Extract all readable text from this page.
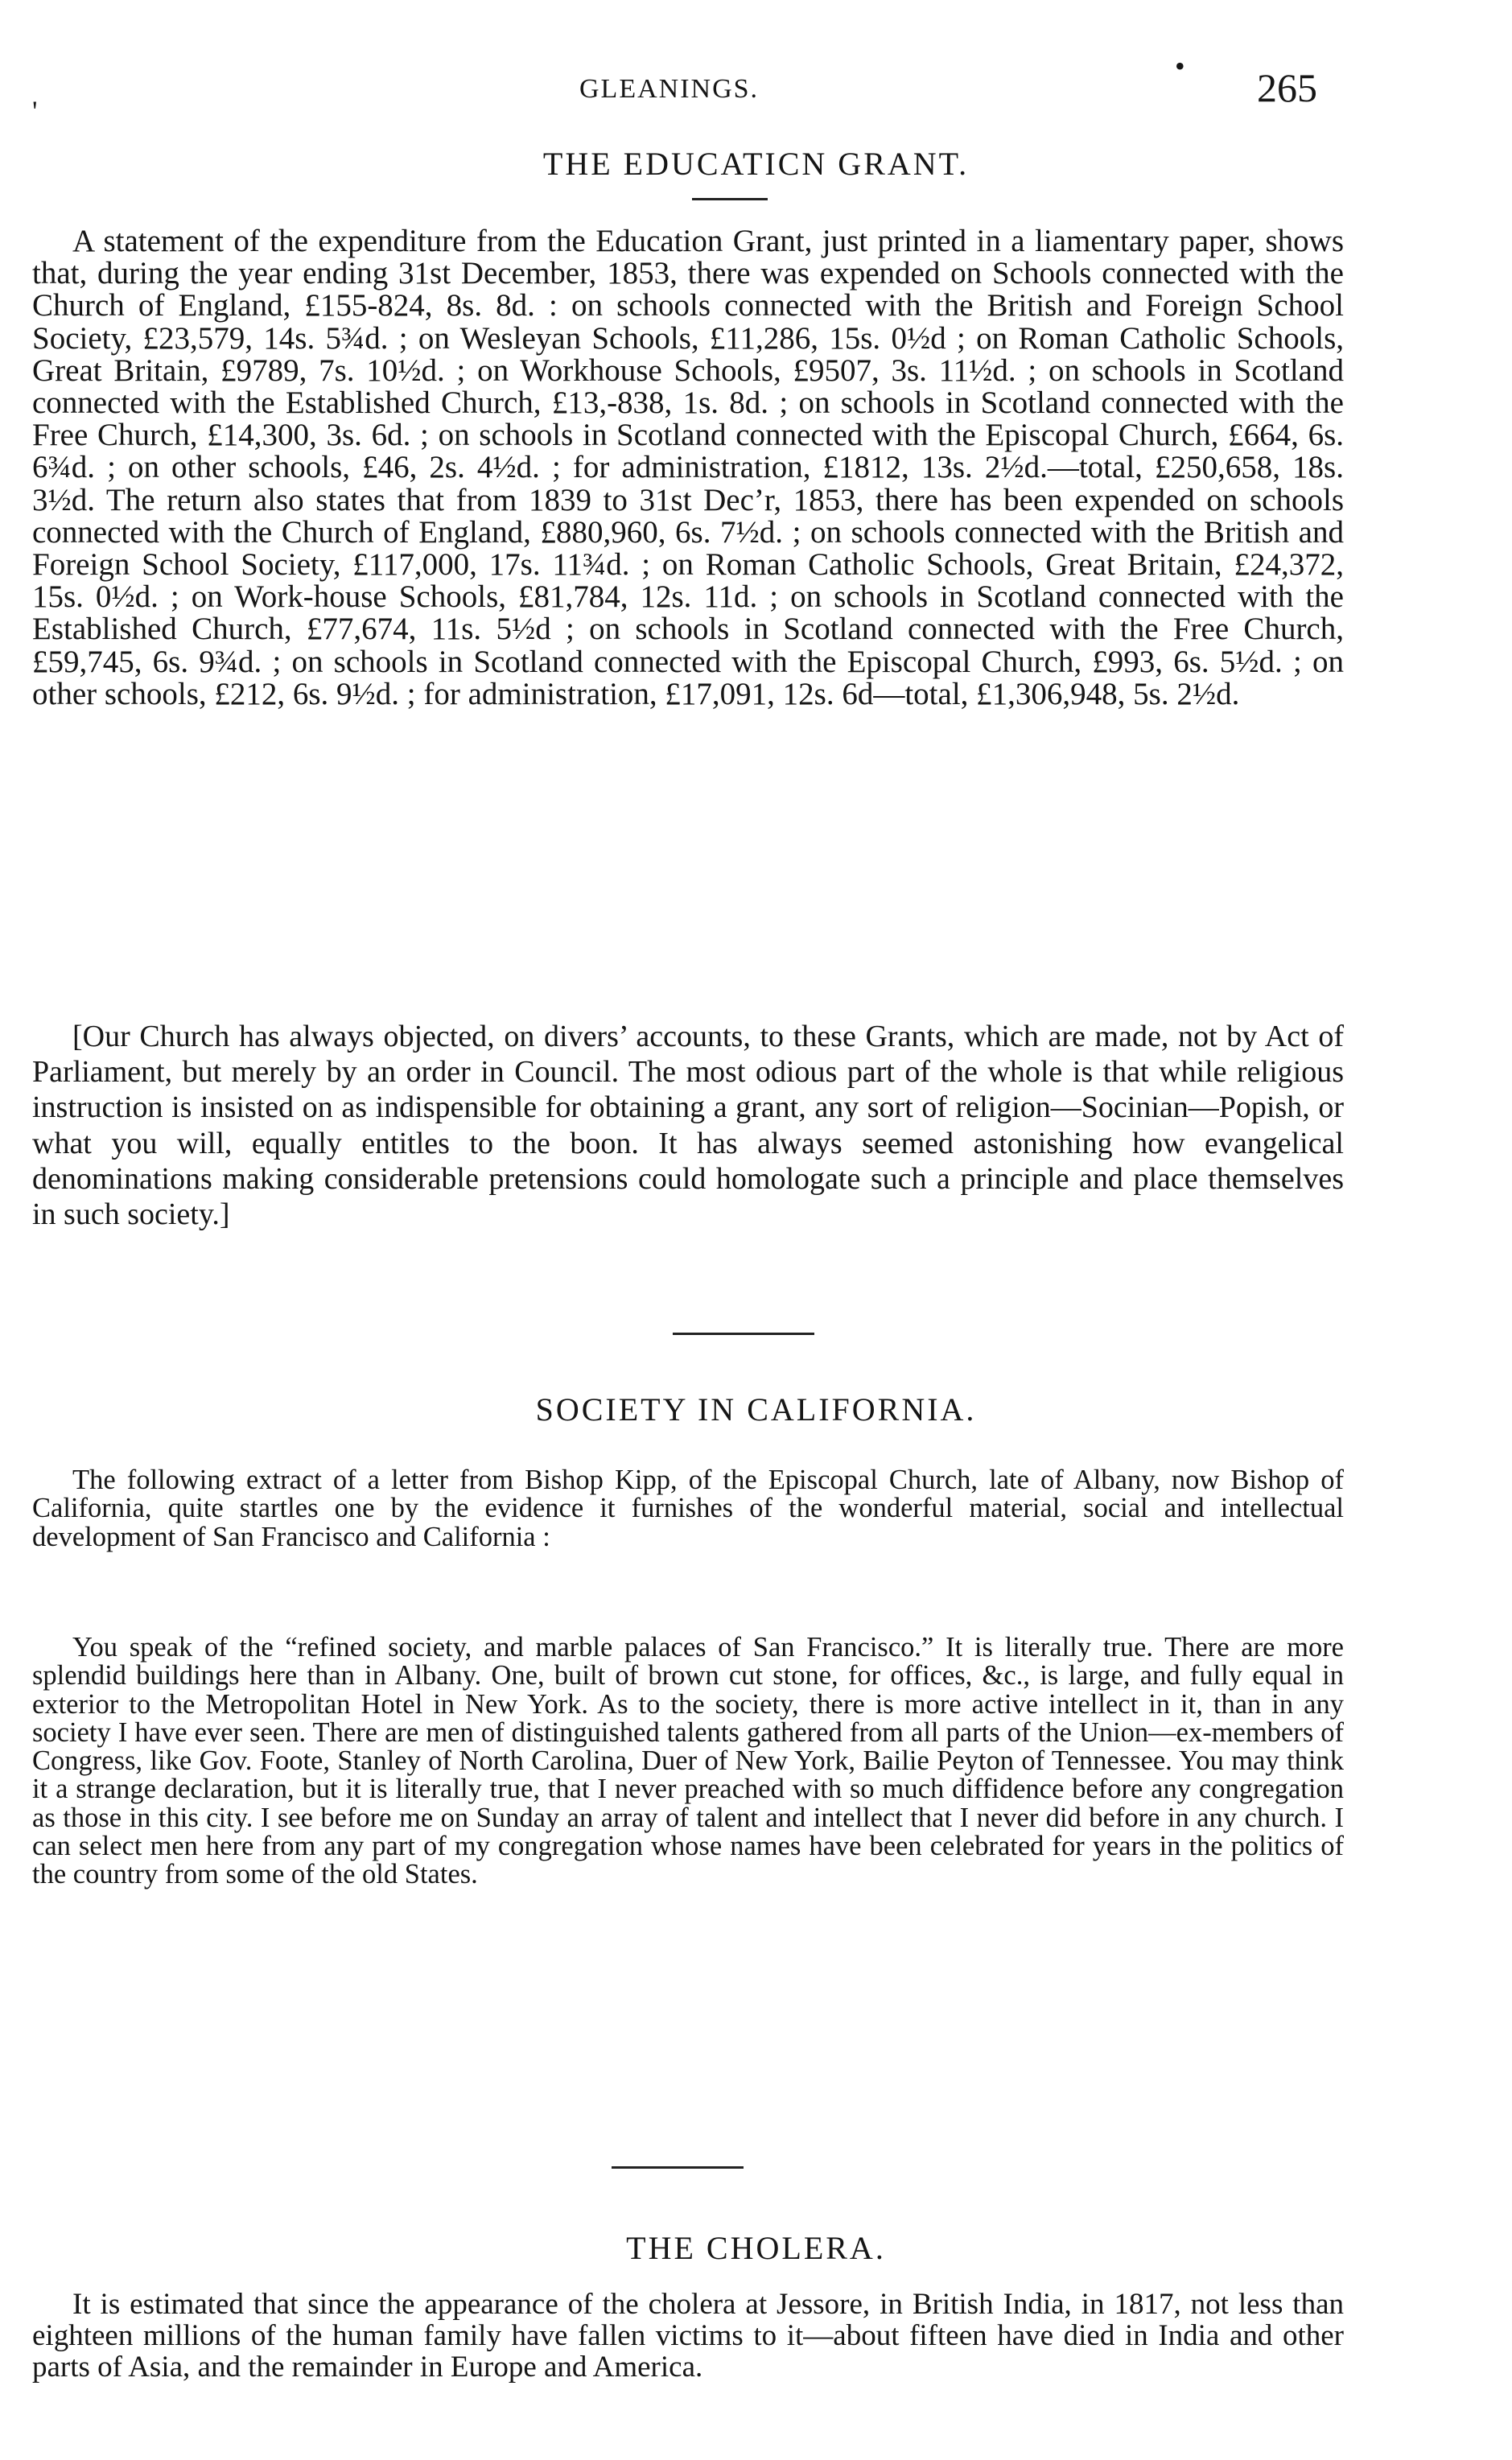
'
•
GLEANINGS.	265
THE EDUCATICN GRANT.

A statement of the expenditure from the Education Grant, just printed in a liamentary paper, shows that, during the year ending 31st December, 1853, there was expended on Schools connected with the Church of England, £155-824, 8s. 8d. : on schools connected with the British and Foreign School Society, £23,579, 14s. 5¾d. ; on Wesleyan Schools, £11,286, 15s. 0½d ; on Roman Catholic Schools, Great Britain, £9789, 7s. 10½d. ; on Workhouse Schools, £9507, 3s. 11½d. ; on schools in Scotland connected with the Established Church, £13,-838, 1s. 8d. ; on schools in Scotland connected with the Free Church, £14,300, 3s. 6d. ; on schools in Scotland connected with the Episcopal Church, £664, 6s. 6¾d. ; on other schools, £46, 2s. 4½d. ; for administration, £1812, 13s. 2½d.—total, £250,658, 18s. 3½d. The return also states that from 1839 to 31st Dec’r, 1853, there has been expended on schools connected with the Church of England, £880,960, 6s. 7½d. ; on schools connected with the British and Foreign School Society, £117,000, 17s. 11¾d. ; on Roman Catholic Schools, Great Britain, £24,372, 15s. 0½d. ; on Work-house Schools, £81,784, 12s. 11d. ; on schools in Scotland connected with the Established Church, £77,674, 11s. 5½d ; on schools in Scotland connected with the Free Church, £59,745, 6s. 9¾d. ; on schools in Scotland connected with the Episcopal Church, £993, 6s. 5½d. ; on other schools, £212, 6s. 9½d. ; for administration, £17,091, 12s. 6d—total, £1,306,948, 5s. 2½d.

[Our Church has always objected, on divers’ accounts, to these Grants, which are made, not by Act of Parliament, but merely by an order in Council. The most odious part of the whole is that while religious instruction is insisted on as indispensible for obtaining a grant, any sort of religion—Socinian—Popish, or what you will, equally entitles to the boon. It has always seemed astonishing how evangelical denominations making considerable pretensions could homologate such a principle and place themselves in such society.]

SOCIETY IN CALIFORNIA.

The following extract of a letter from Bishop Kipp, of the Episcopal Church, late of Albany, now Bishop of California, quite startles one by the evidence it furnishes of the wonderful material, social and intellectual development of San Francisco and California :

You speak of the “refined society, and marble palaces of San Francisco.” It is literally true. There are more splendid buildings here than in Albany. One, built of brown cut stone, for offices, &c., is large, and fully equal in exterior to the Metropolitan Hotel in New York. As to the society, there is more active intellect in it, than in any society I have ever seen. There are men of distinguished talents gathered from all parts of the Union—ex-members of Congress, like Gov. Foote, Stanley of North Carolina, Duer of New York, Bailie Peyton of Tennessee. You may think it a strange declaration, but it is literally true, that I never preached with so much diffidence before any congregation as those in this city. I see before me on Sunday an array of talent and intellect that I never did before in any church. I can select men here from any part of my congregation whose names have been celebrated for years in the politics of the country from some of the old States.

THE CHOLERA.

It is estimated that since the appearance of the cholera at Jessore, in British India, in 1817, not less than eighteen millions of the human family have fallen victims to it—about fifteen have died in India and other parts of Asia, and the remainder in Europe and America.
